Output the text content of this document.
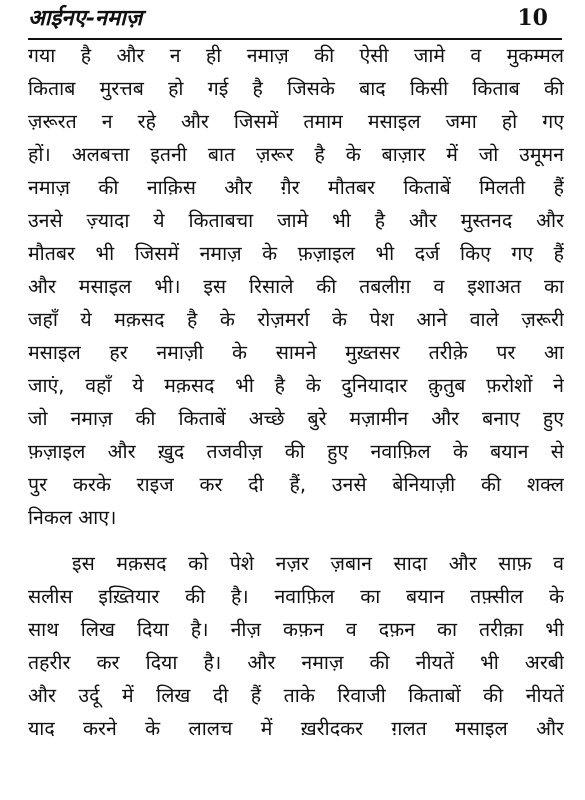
आईनए-नमाज़	10
गया है और न ही नमाज़ की ऐसी जामे व मुकम्मल
किताब मुरत्तब हो गई है जिसके बाद किसी किताब की
ज़रूरत न रहे और जिसमें तमाम मसाइल जमा हो गए
हों। अलबत्ता इतनी बात ज़रूर है के बाज़ार में जो उमूमन
नमाज़ की नाक़िस और ग़ैर मौतबर किताबें मिलती हैं
उनसे ज़्यादा ये किताबचा जामे भी है और मुस्तनद और
मौतबर भी जिसमें नमाज़ के फ़ज़ाइल भी दर्ज किए गए हैं
और मसाइल भी। इस रिसाले की तबलीग़ व इशाअत का
जहाँ ये मक़सद है के रोज़मर्रा के पेश आने वाले ज़रूरी
मसाइल हर नमाज़ी के सामने मुख़्तसर तरीक़े पर आ
जाएं, वहाँ ये मक़सद भी है के दुनियादार क़ुतुब फ़रोशों ने
जो नमाज़ की किताबें अच्छे बुरे मज़ामीन और बनाए हुए
फ़ज़ाइल और ख़ुद तजवीज़ की हुए नवाफ़िल के बयान से
पुर करके राइज कर दी हैं, उनसे बेनियाज़ी की शक्ल
निकल आए।
इस मक़सद को पेशे नज़र ज़बान सादा और साफ़ व
सलीस इख़्तियार की है। नवाफ़िल का बयान तफ़्सील के
साथ लिख दिया है। नीज़ कफ़न व दफ़न का तरीक़ा भी
तहरीर कर दिया है। और नमाज़ की नीयतें भी अरबी
और उर्दू में लिख दी हैं ताके रिवाजी किताबों की नीयतें
याद करने के लालच में ख़रीदकर ग़लत मसाइल और
